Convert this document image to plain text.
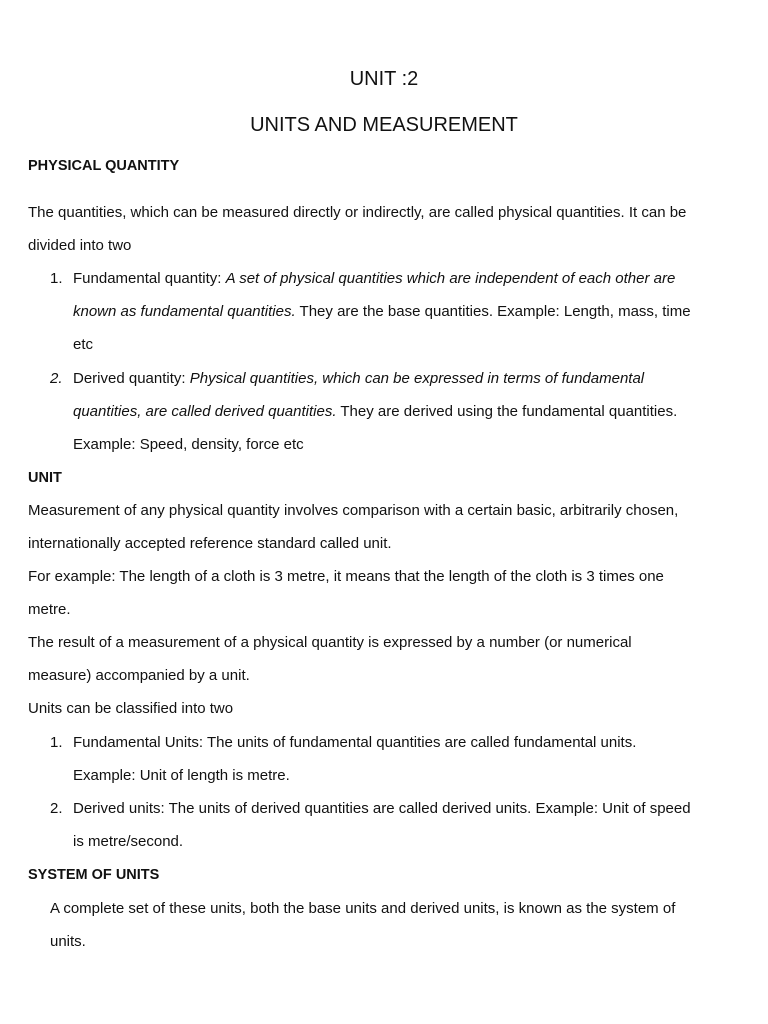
UNIT :2
UNITS AND MEASUREMENT
PHYSICAL QUANTITY
The quantities, which can be measured directly or indirectly, are called physical quantities. It can be
divided into two
1. Fundamental quantity: A set of physical quantities which are independent of each other are
known as fundamental quantities. They are the base quantities. Example: Length, mass, time
etc
2. Derived quantity: Physical quantities, which can be expressed in terms of fundamental
quantities, are called derived quantities. They are derived using the fundamental quantities.
Example: Speed, density, force etc
UNIT
Measurement of any physical quantity involves comparison with a certain basic, arbitrarily chosen,
internationally accepted reference standard called unit.
For example: The length of a cloth is 3 metre, it means that the length of the cloth is 3 times one
metre.
The result of a measurement of a physical quantity is expressed by a number (or numerical
measure) accompanied by a unit.
Units can be classified into two
1. Fundamental Units: The units of fundamental quantities are called fundamental units.
Example: Unit of length is metre.
2. Derived units: The units of derived quantities are called derived units. Example: Unit of speed
is metre/second.
SYSTEM OF UNITS
A complete set of these units, both the base units and derived units, is known as the system of
units.
